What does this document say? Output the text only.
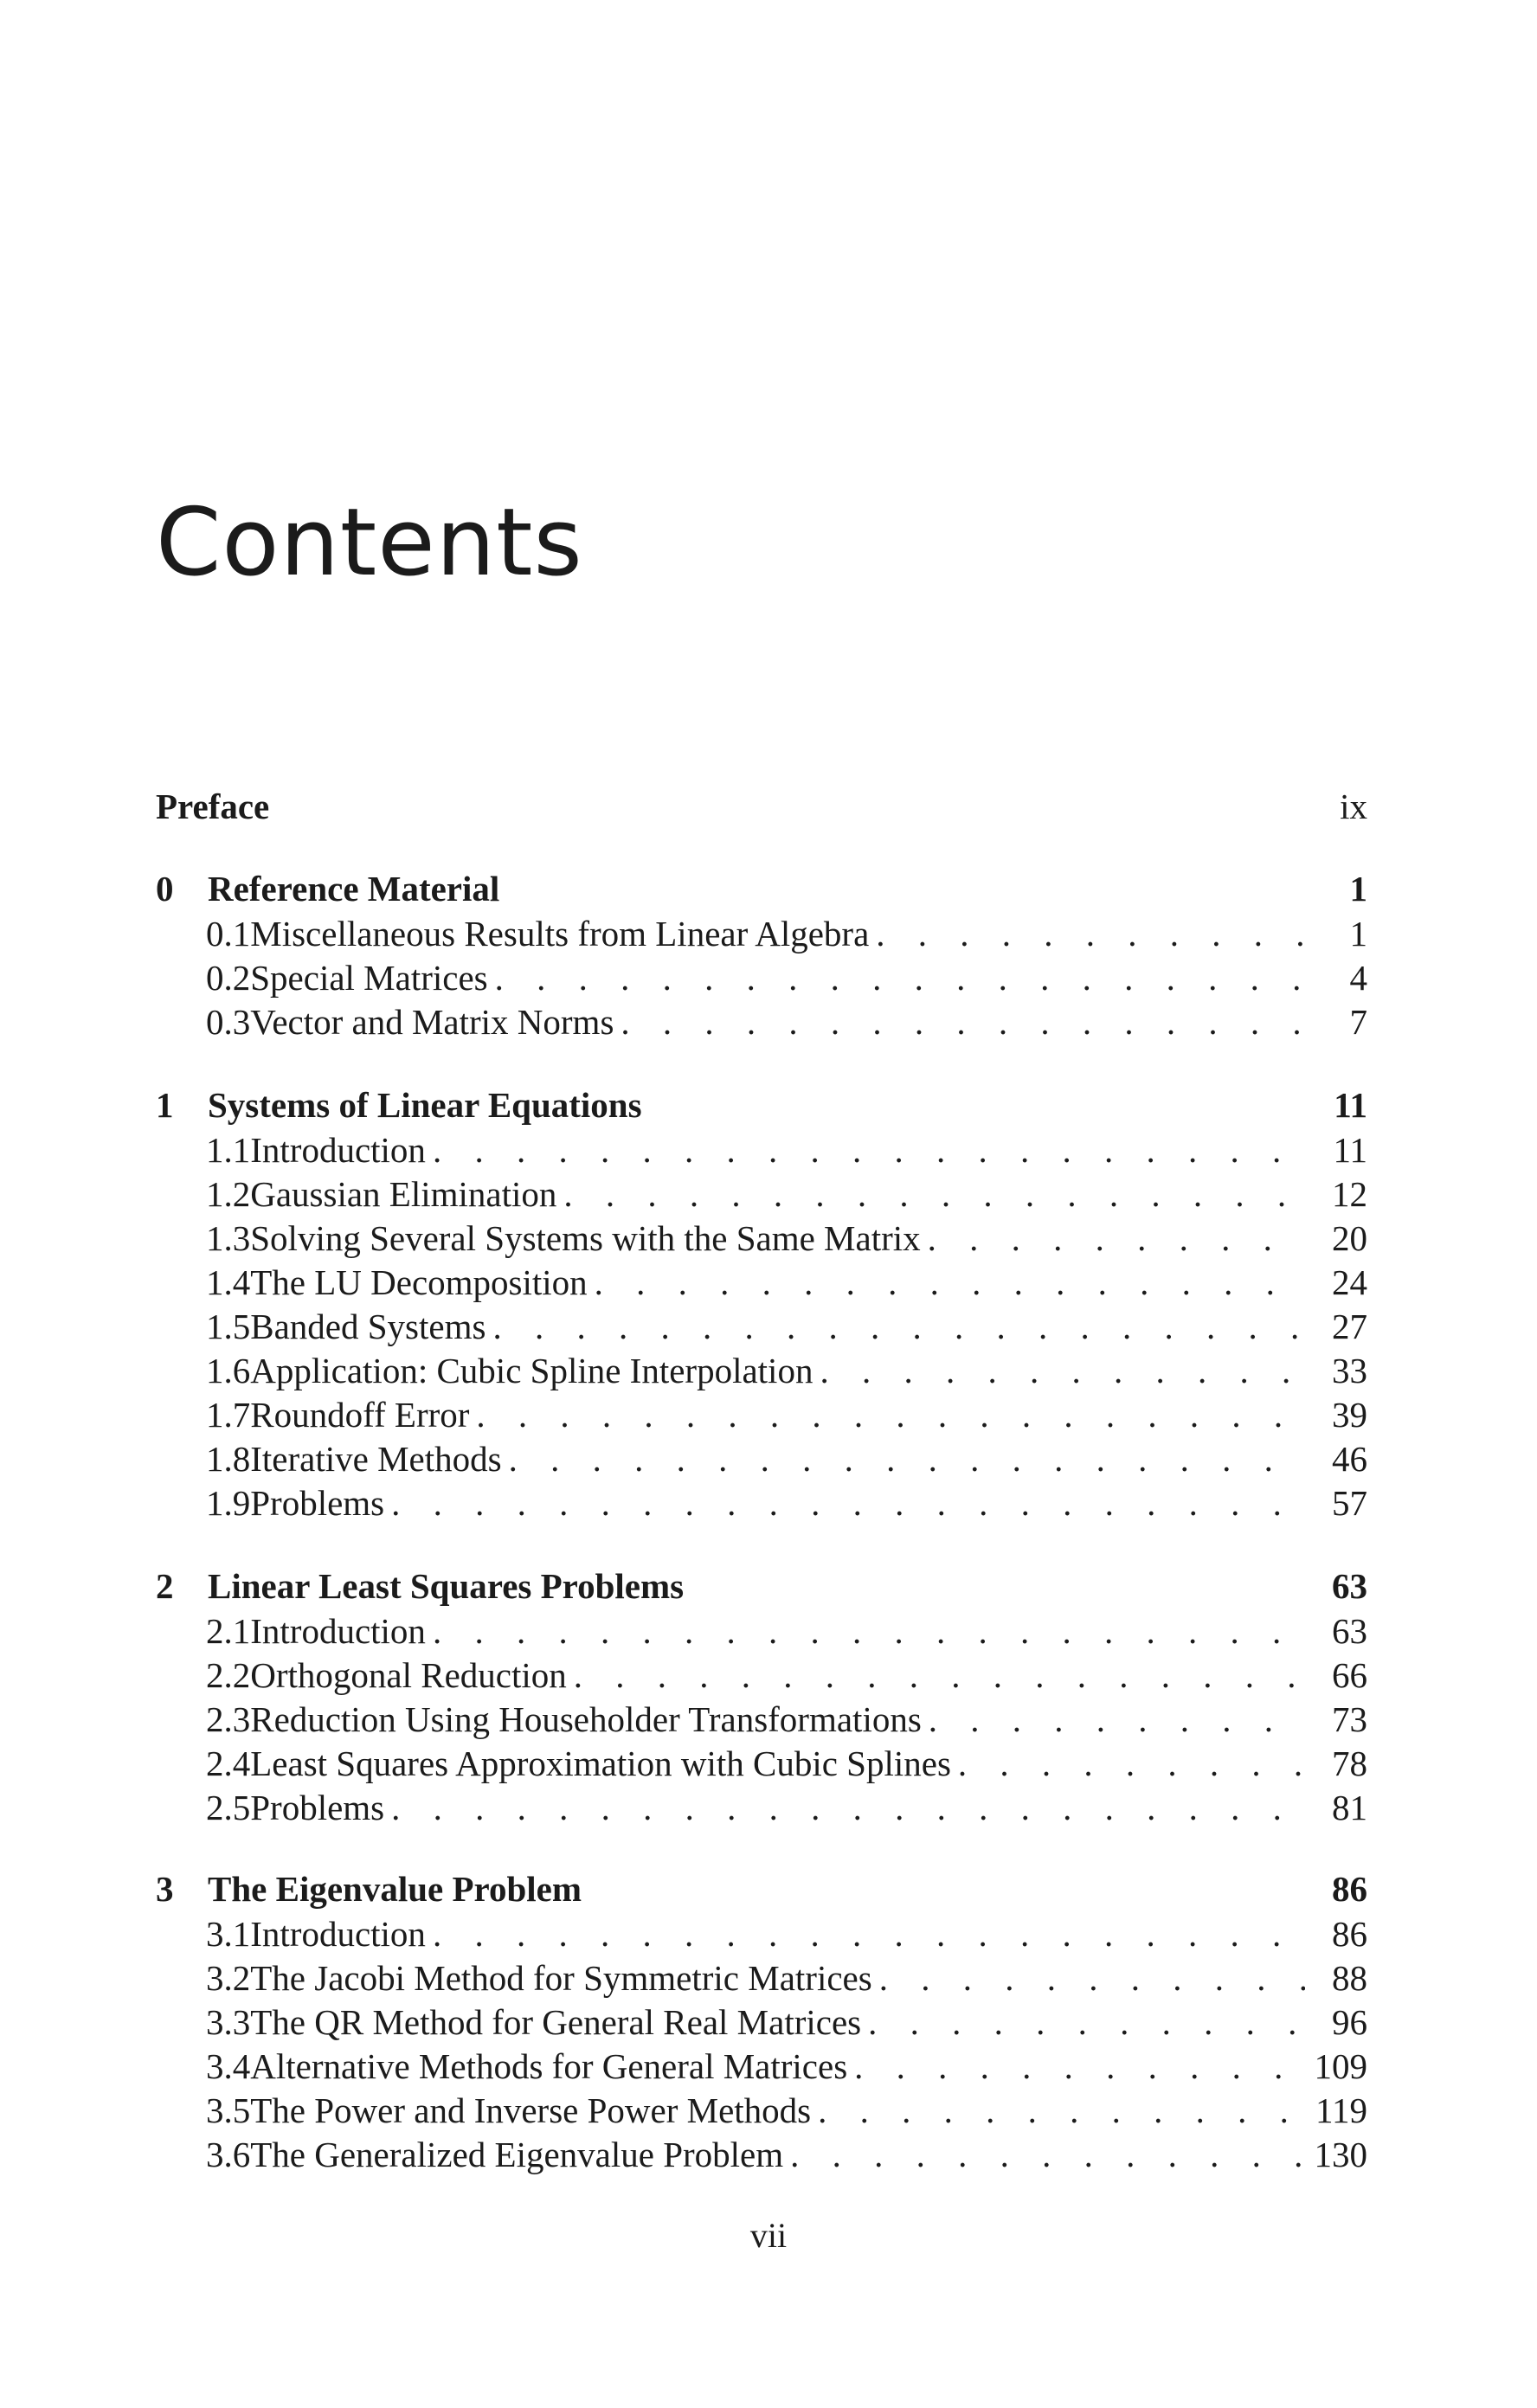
Contents
Preface	ix
0 Reference Material	1
0.1 Miscellaneous Results from Linear Algebra . . .	1
0.2 Special Matrices . . .	4
0.3 Vector and Matrix Norms . . .	7
1 Systems of Linear Equations	11
1.1 Introduction . . .	11
1.2 Gaussian Elimination . . .	12
1.3 Solving Several Systems with the Same Matrix . . .	20
1.4 The LU Decomposition . . .	24
1.5 Banded Systems . . .	27
1.6 Application: Cubic Spline Interpolation . . .	33
1.7 Roundoff Error . . .	39
1.8 Iterative Methods . . .	46
1.9 Problems . . .	57
2 Linear Least Squares Problems	63
2.1 Introduction . . .	63
2.2 Orthogonal Reduction . . .	66
2.3 Reduction Using Householder Transformations . . .	73
2.4 Least Squares Approximation with Cubic Splines . . .	78
2.5 Problems . . .	81
3 The Eigenvalue Problem	86
3.1 Introduction . . .	86
3.2 The Jacobi Method for Symmetric Matrices . . .	88
3.3 The QR Method for General Real Matrices . . .	96
3.4 Alternative Methods for General Matrices . . .	109
3.5 The Power and Inverse Power Methods . . .	119
3.6 The Generalized Eigenvalue Problem . . .	130
vii
